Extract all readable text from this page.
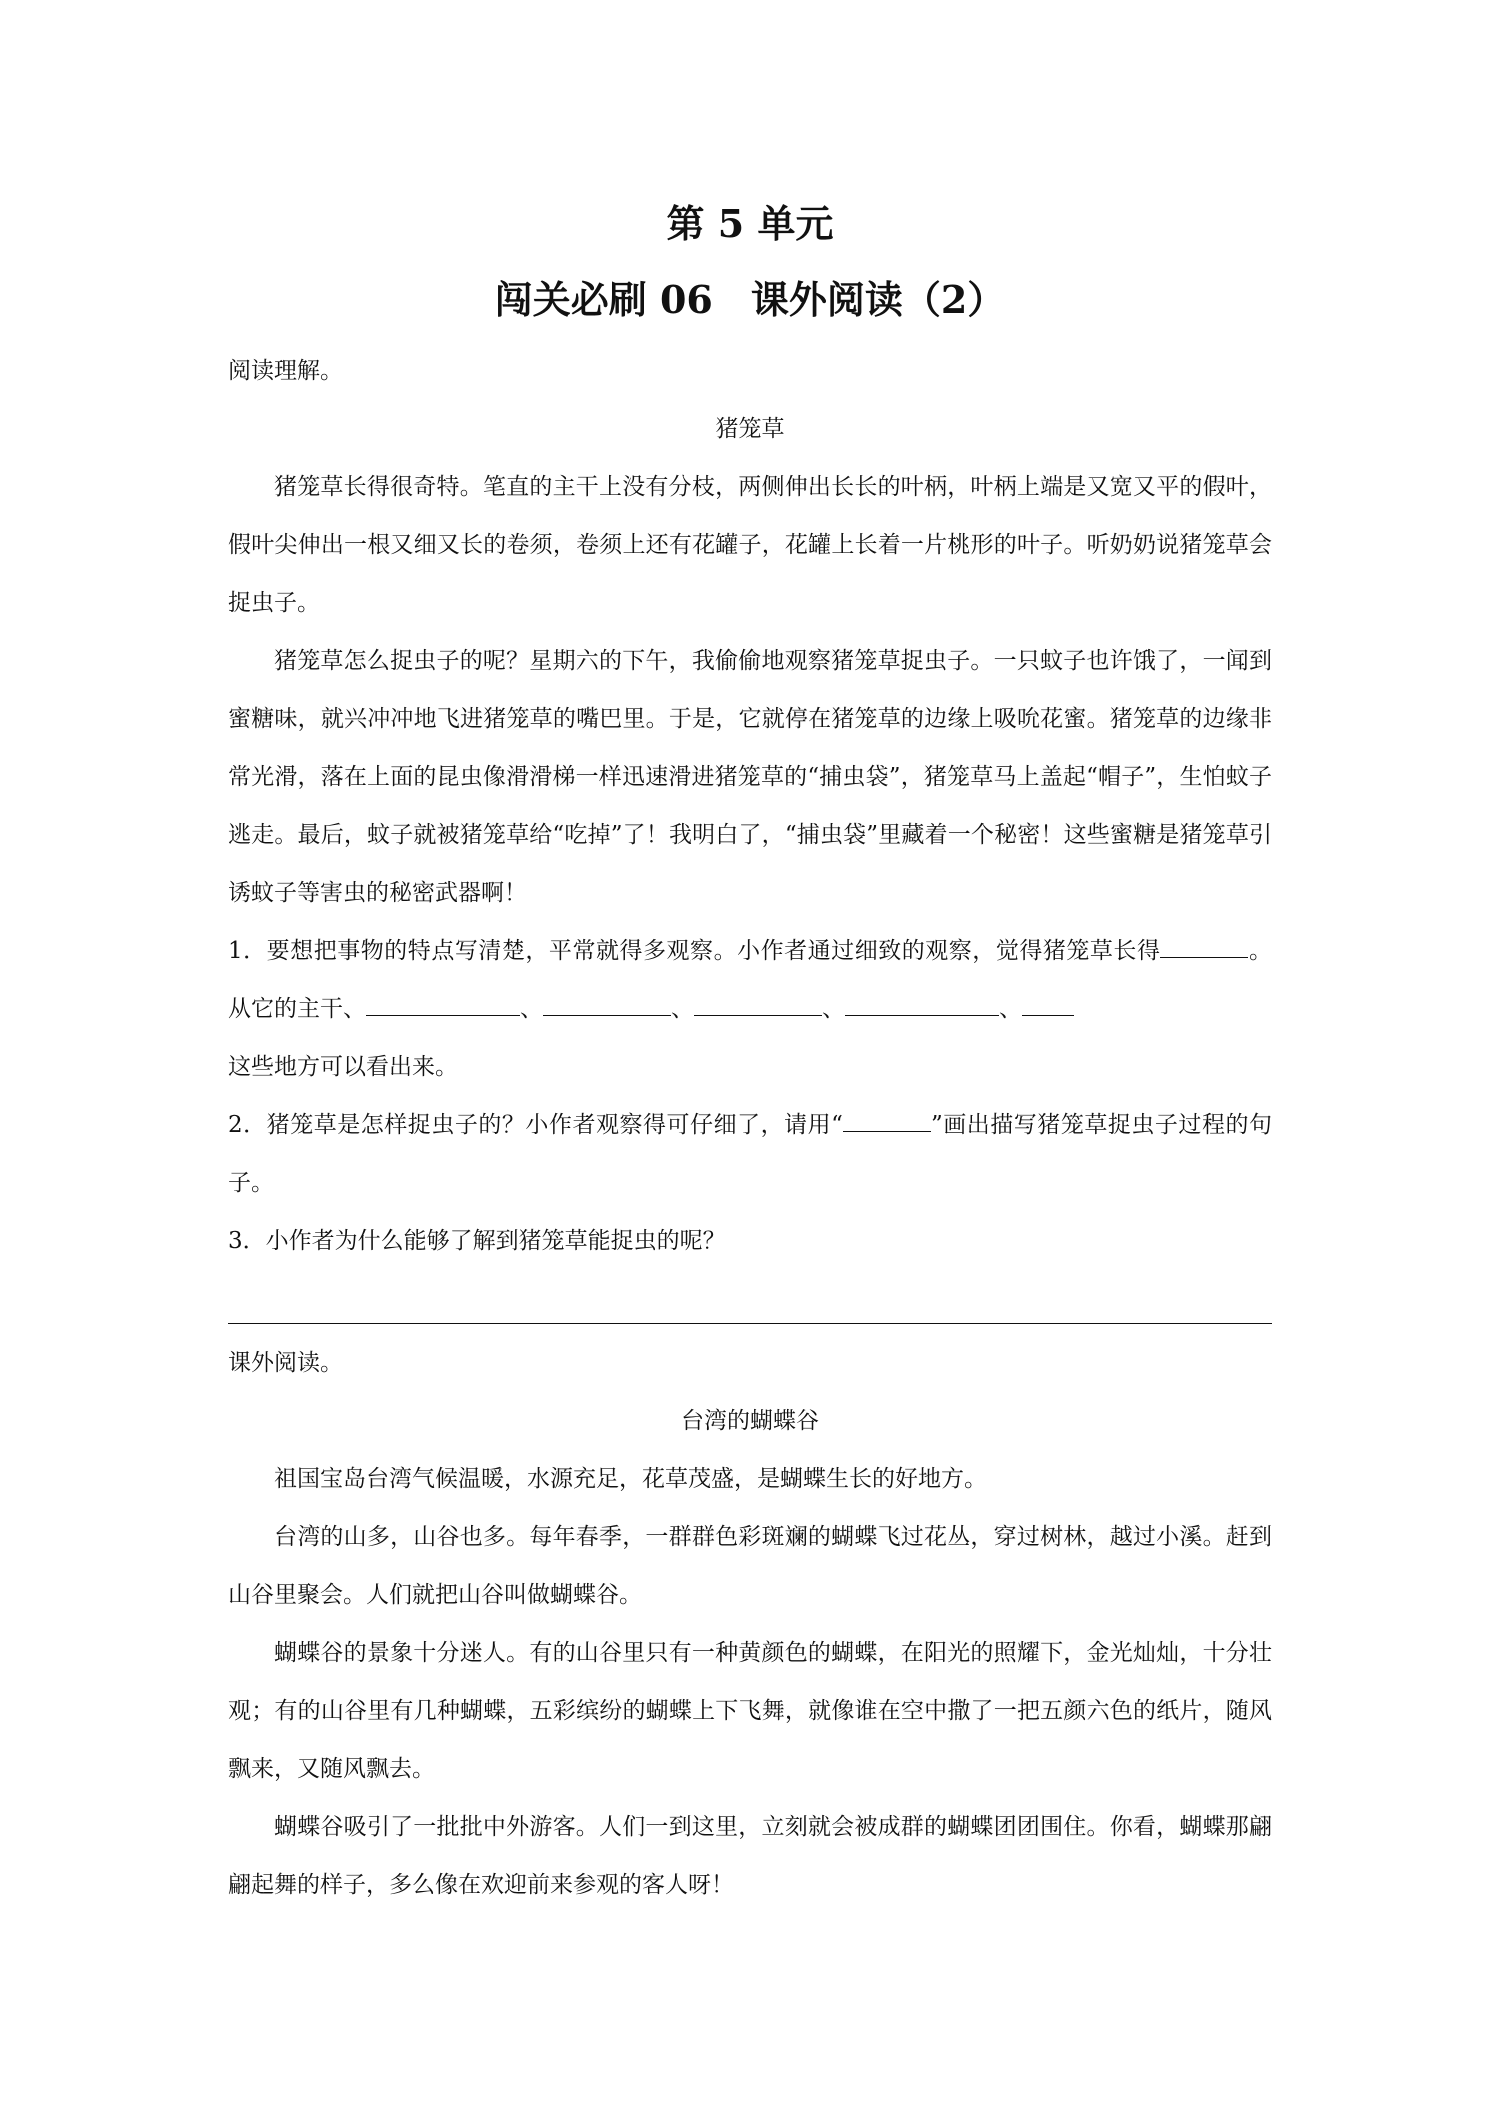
第 5 单元
闯关必刷 06　课外阅读（2）

阅读理解。

猪笼草

猪笼草长得很奇特。笔直的主干上没有分枝，两侧伸出长长的叶柄，叶柄上端是又宽又平的假叶，假叶尖伸出一根又细又长的卷须，卷须上还有花罐子，花罐上长着一片桃形的叶子。听奶奶说猪笼草会捉虫子。

猪笼草怎么捉虫子的呢？星期六的下午，我偷偷地观察猪笼草捉虫子。一只蚊子也许饿了，一闻到蜜糖味，就兴冲冲地飞进猪笼草的嘴巴里。于是，它就停在猪笼草的边缘上吸吮花蜜。猪笼草的边缘非常光滑，落在上面的昆虫像滑滑梯一样迅速滑进猪笼草的“捕虫袋”，猪笼草马上盖起“帽子”，生怕蚊子逃走。最后，蚊子就被猪笼草给“吃掉”了！我明白了，“捕虫袋”里藏着一个秘密！这些蜜糖是猪笼草引诱蚊子等害虫的秘密武器啊！

1．要想把事物的特点写清楚，平常就得多观察。小作者通过细致的观察，觉得猪笼草长得	。从它的主干、	、	、	、	、
这些地方可以看出来。

2．猪笼草是怎样捉虫子的？小作者观察得可仔细了，请用“	”画出描写猪笼草捉虫子过程的句子。

3．小作者为什么能够了解到猪笼草能捉虫的呢？

课外阅读。

台湾的蝴蝶谷

祖国宝岛台湾气候温暖，水源充足，花草茂盛，是蝴蝶生长的好地方。

台湾的山多，山谷也多。每年春季，一群群色彩斑斓的蝴蝶飞过花丛，穿过树林，越过小溪。赶到山谷里聚会。人们就把山谷叫做蝴蝶谷。

蝴蝶谷的景象十分迷人。有的山谷里只有一种黄颜色的蝴蝶，在阳光的照耀下，金光灿灿，十分壮观；有的山谷里有几种蝴蝶，五彩缤纷的蝴蝶上下飞舞，就像谁在空中撒了一把五颜六色的纸片，随风飘来，又随风飘去。

蝴蝶谷吸引了一批批中外游客。人们一到这里，立刻就会被成群的蝴蝶团团围住。你看，蝴蝶那翩翩起舞的样子，多么像在欢迎前来参观的客人呀！
